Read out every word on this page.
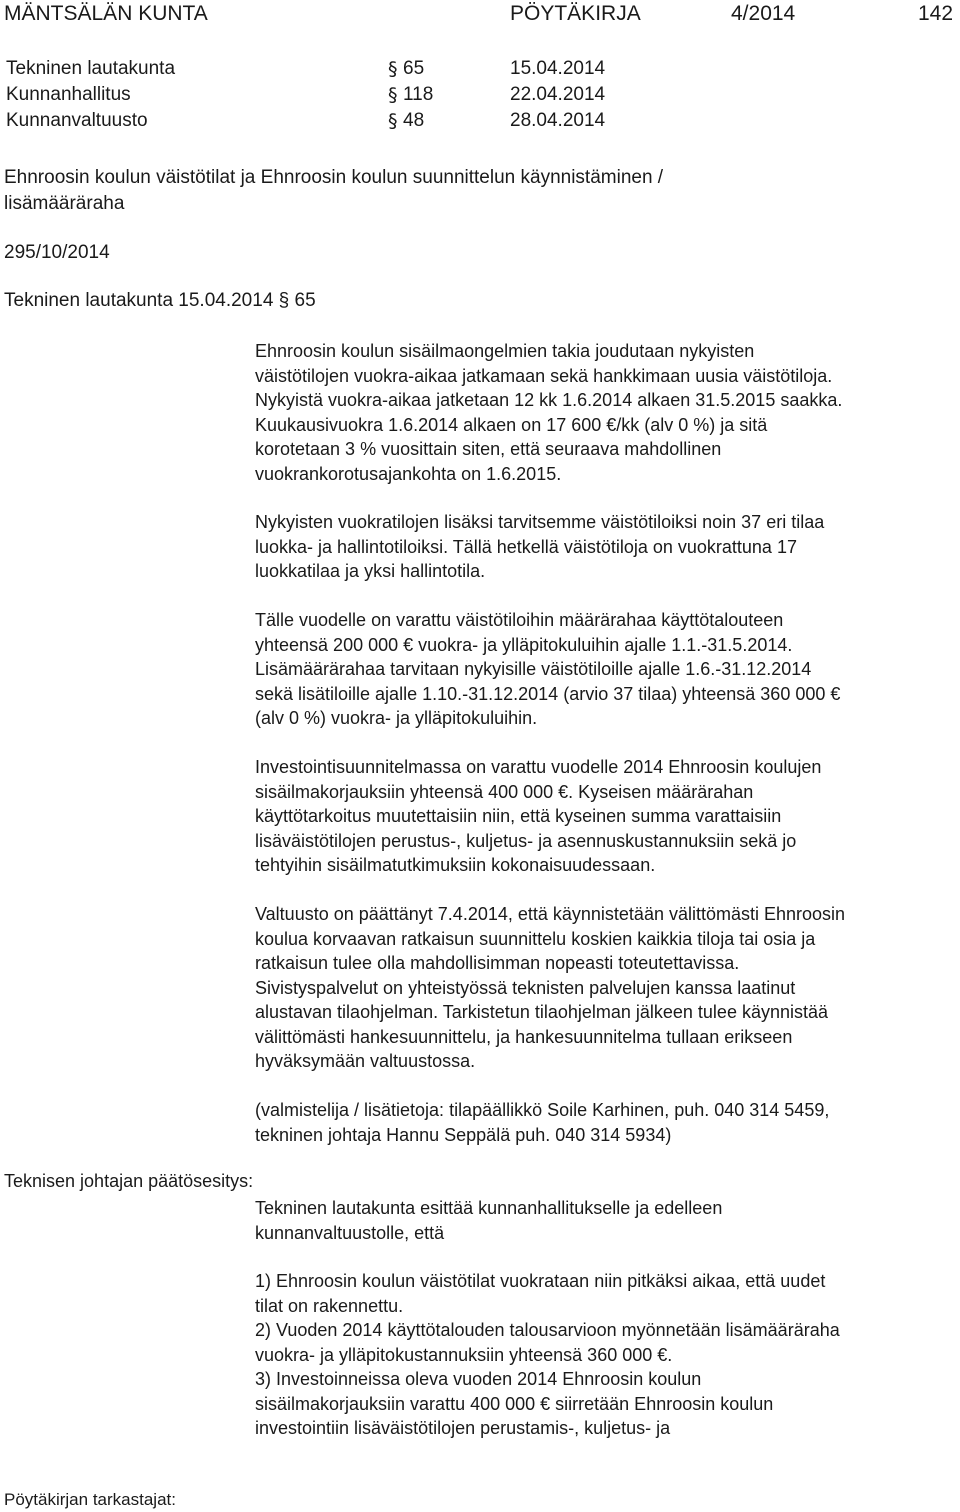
MÄNTSÄLÄN KUNTA	PÖYTÄKIRJA	4/2014	142
Tekninen lautakunta	§ 65	15.04.2014
Kunnanhallitus	§ 118	22.04.2014
Kunnanvaltuusto	§ 48	28.04.2014
Ehnroosin koulun väistötilat ja Ehnroosin koulun suunnittelun käynnistäminen /
lisämääräraha
295/10/2014
Tekninen lautakunta 15.04.2014 § 65
Ehnroosin koulun sisäilmaongelmien takia joudutaan nykyisten
väistötilojen vuokra-aikaa jatkamaan sekä hankkimaan uusia väistötiloja.
Nykyistä vuokra-aikaa jatketaan 12 kk 1.6.2014 alkaen 31.5.2015 saakka.
Kuukausivuokra 1.6.2014 alkaen on 17 600 €/kk (alv 0 %) ja sitä
korotetaan 3 % vuosittain siten, että seuraava mahdollinen
vuokrankorotusajankohta on 1.6.2015.
Nykyisten vuokratilojen lisäksi tarvitsemme väistötiloiksi noin 37 eri tilaa
luokka- ja hallintotiloiksi. Tällä hetkellä väistötiloja on vuokrattuna 17
luokkatilaa ja yksi hallintotila.
Tälle vuodelle on varattu väistötiloihin määrärahaa käyttötalouteen
yhteensä 200 000 € vuokra- ja ylläpitokuluihin ajalle 1.1.-31.5.2014.
Lisämäärärahaa tarvitaan nykyisille väistötiloille ajalle 1.6.-31.12.2014
sekä lisätiloille ajalle 1.10.-31.12.2014 (arvio 37 tilaa) yhteensä 360 000 €
(alv 0 %) vuokra- ja ylläpitokuluihin.
Investointisuunnitelmassa on varattu vuodelle 2014 Ehnroosin koulujen
sisäilmakorjauksiin yhteensä 400 000 €. Kyseisen määrärahan
käyttötarkoitus muutettaisiin niin, että kyseinen summa varattaisiin
lisäväistötilojen perustus-, kuljetus- ja asennuskustannuksiin sekä jo
tehtyihin sisäilmatutkimuksiin kokonaisuudessaan.
Valtuusto on päättänyt 7.4.2014, että käynnistetään välittömästi Ehnroosin
koulua korvaavan ratkaisun suunnittelu koskien kaikkia tiloja tai osia ja
ratkaisun tulee olla mahdollisimman nopeasti toteutettavissa.
Sivistyspalvelut on yhteistyössä teknisten palvelujen kanssa laatinut
alustavan tilaohjelman. Tarkistetun tilaohjelman jälkeen tulee käynnistää
välittömästi hankesuunnittelu, ja hankesuunnitelma tullaan erikseen
hyväksymään valtuustossa.
(valmistelija / lisätietoja: tilapäällikkö Soile Karhinen, puh. 040 314 5459,
tekninen johtaja Hannu Seppälä puh. 040 314 5934)
Teknisen johtajan päätösesitys:
Tekninen lautakunta esittää kunnanhallitukselle ja edelleen
kunnanvaltuustolle, että
1) Ehnroosin koulun väistötilat vuokrataan niin pitkäksi aikaa, että uudet
tilat on rakennettu.
2) Vuoden 2014 käyttötalouden talousarvioon myönnetään lisämääräraha
vuokra- ja ylläpitokustannuksiin yhteensä 360 000 €.
3) Investoinneissa oleva vuoden 2014 Ehnroosin koulun
sisäilmakorjauksiin varattu 400 000 € siirretään Ehnroosin koulun
investointiin lisäväistötilojen perustamis-, kuljetus- ja
Pöytäkirjan tarkastajat:
